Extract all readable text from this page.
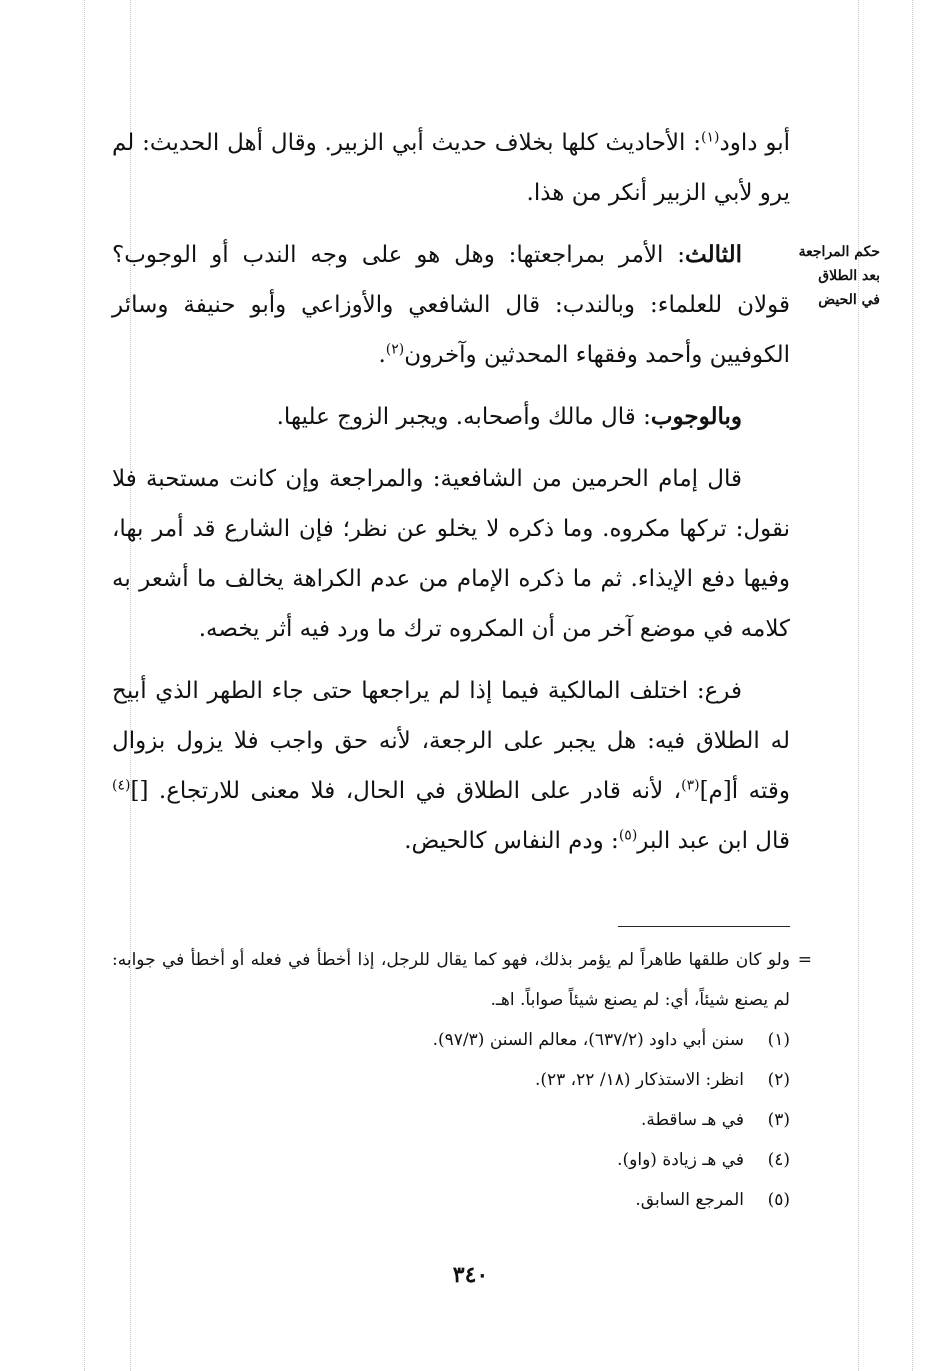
أبو داود$^{(١)}$: الأحاديث كلها بخلاف حديث أبي الزبير. وقال أهل الحديث: لم يرو لأبي الزبير أنكر من هذا.

الثالث: الأمر بمراجعتها: وهل هو على وجه الندب أو الوجوب؟ قولان للعلماء: وبالندب: قال الشافعي والأوزاعي وأبو حنيفة وسائر الكوفيين وأحمد وفقهاء المحدثين وآخرون$^{(٢)}$.

وبالوجوب: قال مالك وأصحابه. ويجبر الزوج عليها.

قال إمام الحرمين من الشافعية: والمراجعة وإن كانت مستحبة فلا نقول: تركها مكروه. وما ذكره لا يخلو عن نظر؛ فإن الشارع قد أمر بها، وفيها دفع الإيذاء. ثم ما ذكره الإمام من عدم الكراهة يخالف ما أشعر به كلامه في موضع آخر من أن المكروه ترك ما ورد فيه أثر يخصه.

فرع: اختلف المالكية فيما إذا لم يراجعها حتى جاء الطهر الذي أبيح له الطلاق فيه: هل يجبر على الرجعة، لأنه حق واجب فلا يزول بزوال وقته أ[م]$^{(٣)}$، لأنه قادر على الطلاق في الحال، فلا معنى للارتجاع. []$^{(٤)}$ قال ابن عبد البر$^{(٥)}$: ودم النفاس كالحيض.

حكم المراجعة
بعد الطلاق
في الحيض
=
ولو كان طلقها طاهراً لم يؤمر بذلك، فهو كما يقال للرجل، إذا أخطأ في فعله أو أخطأ في جوابه: لم يصنع شيئاً، أي: لم يصنع شيئاً صواباً. اهـ.
(١)
سنن أبي داود (٦٣٧/٢)، معالم السنن (٩٧/٣).
(٢)
انظر: الاستذكار (١٨/ ٢٢، ٢٣).
(٣)
في هـ ساقطة.
(٤)
في هـ زيادة (واو).
(٥)
المرجع السابق.
٣٤٠
